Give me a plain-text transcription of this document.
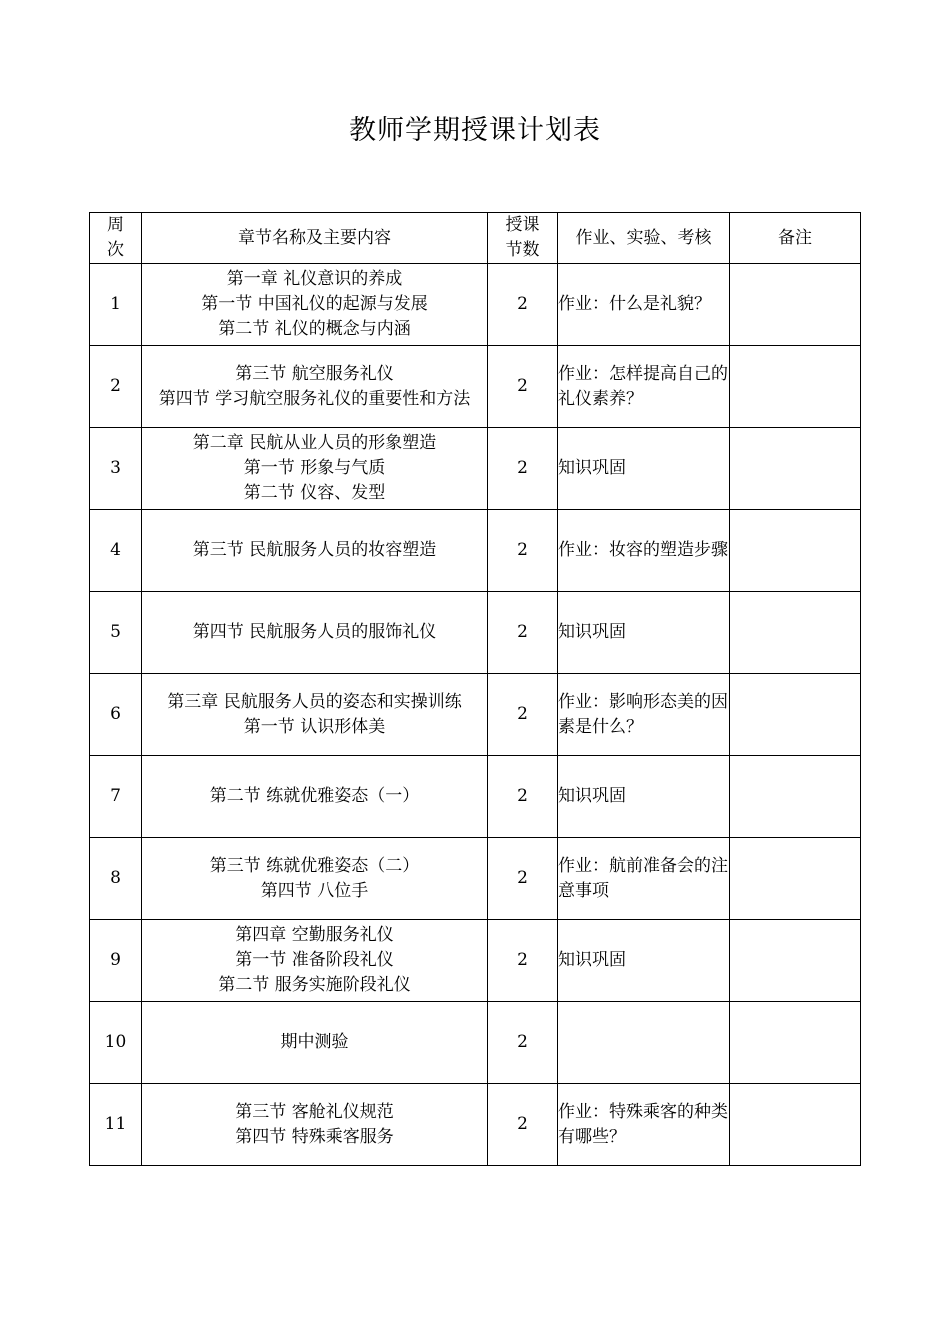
教师学期授课计划表
周次	章节名称及主要内容	授课节数	作业、实验、考核	备注
1	第一章 礼仪意识的养成
第一节 中国礼仪的起源与发展
第二节 礼仪的概念与内涵	2	作业：什么是礼貌？	
2	第三节 航空服务礼仪
第四节 学习航空服务礼仪的重要性和方法	2	作业：怎样提高自己的礼仪素养？	
3	第二章 民航从业人员的形象塑造
第一节 形象与气质
第二节 仪容、发型	2	知识巩固	
4	第三节 民航服务人员的妆容塑造	2	作业：妆容的塑造步骤	
5	第四节 民航服务人员的服饰礼仪	2	知识巩固	
6	第三章 民航服务人员的姿态和实操训练
第一节 认识形体美	2	作业：影响形态美的因素是什么？	
7	第二节 练就优雅姿态（一）	2	知识巩固	
8	第三节 练就优雅姿态（二）
第四节 八位手	2	作业：航前准备会的注意事项	
9	第四章 空勤服务礼仪
第一节 准备阶段礼仪
第二节 服务实施阶段礼仪	2	知识巩固	
10	期中测验	2		
11	第三节 客舱礼仪规范
第四节 特殊乘客服务	2	作业：特殊乘客的种类有哪些？	
